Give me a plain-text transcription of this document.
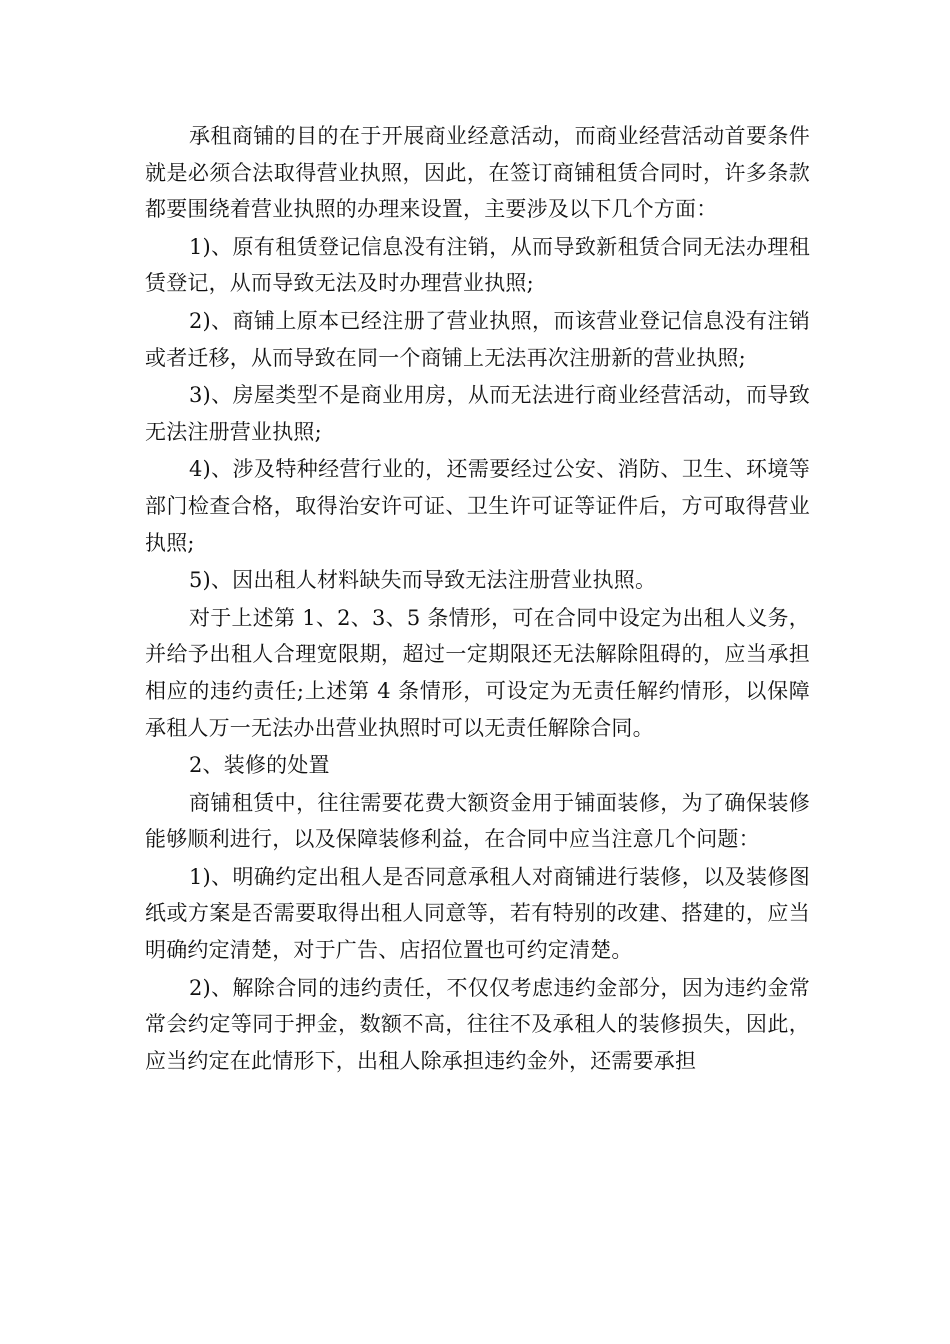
承租商铺的目的在于开展商业经意活动，而商业经营活动首要条件就是必须合法取得营业执照，因此，在签订商铺租赁合同时，许多条款都要围绕着营业执照的办理来设置，主要涉及以下几个方面：

1)、原有租赁登记信息没有注销，从而导致新租赁合同无法办理租赁登记，从而导致无法及时办理营业执照;

2)、商铺上原本已经注册了营业执照，而该营业登记信息没有注销或者迁移，从而导致在同一个商铺上无法再次注册新的营业执照;

3)、房屋类型不是商业用房，从而无法进行商业经营活动，而导致无法注册营业执照;

4)、涉及特种经营行业的，还需要经过公安、消防、卫生、环境等部门检查合格，取得治安许可证、卫生许可证等证件后，方可取得营业执照;

5)、因出租人材料缺失而导致无法注册营业执照。

对于上述第 1、2、3、5 条情形，可在合同中设定为出租人义务，并给予出租人合理宽限期，超过一定期限还无法解除阻碍的，应当承担相应的违约责任;上述第 4 条情形，可设定为无责任解约情形，以保障承租人万一无法办出营业执照时可以无责任解除合同。

2、装修的处置

商铺租赁中，往往需要花费大额资金用于铺面装修，为了确保装修能够顺利进行，以及保障装修利益，在合同中应当注意几个问题：

1)、明确约定出租人是否同意承租人对商铺进行装修，以及装修图纸或方案是否需要取得出租人同意等，若有特别的改建、搭建的，应当明确约定清楚，对于广告、店招位置也可约定清楚。

2)、解除合同的违约责任，不仅仅考虑违约金部分，因为违约金常常会约定等同于押金，数额不高，往往不及承租人的装修损失，因此，应当约定在此情形下，出租人除承担违约金外，还需要承担
